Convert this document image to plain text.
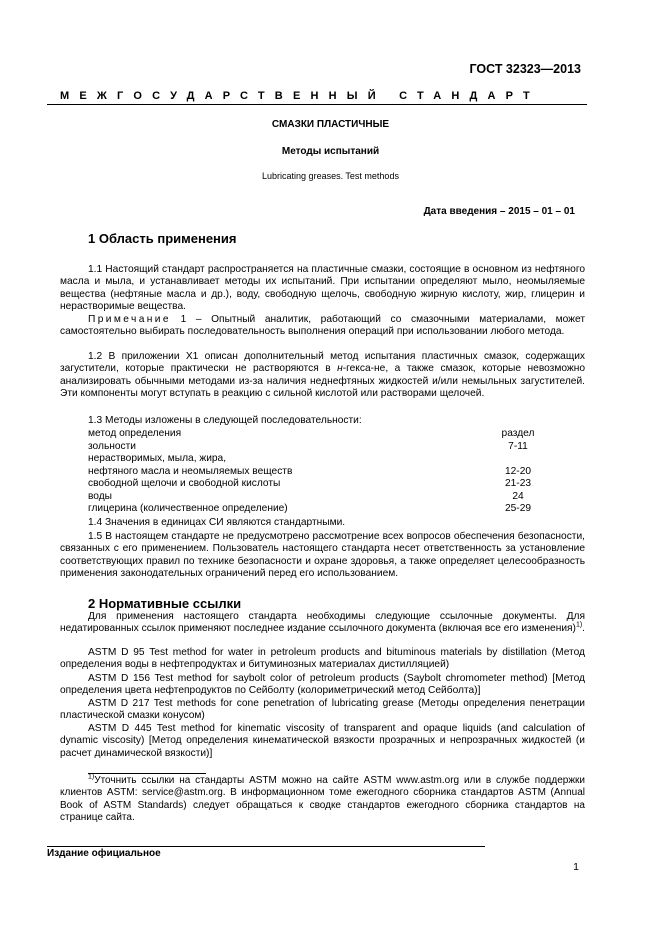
ГОСТ 32323—2013
МЕЖГОСУДАРСТВЕННЫЙ СТАНДАРТ
СМАЗКИ ПЛАСТИЧНЫЕ
Методы испытаний
Lubricating greases. Test methods
Дата введения – 2015 – 01 – 01
1 Область применения
1.1 Настоящий стандарт распространяется на пластичные смазки, состоящие в основном из нефтяного масла и мыла, и устанавливает методы их испытаний. При испытании определяют мыло, неомыляемые вещества (нефтяные масла и др.), воду, свободную щелочь, свободную жирную кислоту, жир, глицерин и нерастворимые вещества.
Примечание 1 – Опытный аналитик, работающий со смазочными материалами, может самостоятельно выбирать последовательность выполнения операций при использовании любого метода.
1.2 В приложении X1 описан дополнительный метод испытания пластичных смазок, содержащих загустители, которые практически не растворяются в н-гекса-не, а также смазок, которые невозможно анализировать обычными методами из-за наличия неднефтяных жидкостей и/или немыльных загустителей. Эти компоненты могут вступать в реакцию с сильной кислотой или растворами щелочей.
1.3 Методы изложены в следующей последовательности:
метод определения	раздел
зольности	7-11
нерастворимых, мыла, жира,
нефтяного масла и неомыляемых веществ	12-20
свободной щелочи и свободной кислоты	21-23
воды	24
глицерина (количественное определение)	25-29
1.4 Значения в единицах СИ являются стандартными.
1.5 В настоящем стандарте не предусмотрено рассмотрение всех вопросов обеспечения безопасности, связанных с его применением. Пользователь настоящего стандарта несет ответственность за установление соответствующих правил по технике безопасности и охране здоровья, а также определяет целесообразность применения законодательных ограничений перед его использованием.
2 Нормативные ссылки
Для применения настоящего стандарта необходимы следующие ссылочные документы. Для недатированных ссылок применяют последнее издание ссылочного документа (включая все его изменения)$^{1)}$.
ASTM D 95 Test method for water in petroleum products and bituminous materials by distillation (Метод определения воды в нефтепродуктах и битуминозных материалах дистилляцией)
ASTM D 156 Test method for saybolt color of petroleum products (Saybolt chromometer method) [Метод определения цвета нефтепродуктов по Сейболту (колориметрический метод Сейболта)]
ASTM D 217 Test methods for cone penetration of lubricating grease (Методы определения пенетрации пластической смазки конусом)
ASTM D 445 Test method for kinematic viscosity of transparent and opaque liquids (and calculation of dynamic viscosity) [Метод определения кинематической вязкости прозрачных и непрозрачных жидкостей (и расчет динамической вязкости)]
$^{1)}$Уточнить ссылки на стандарты ASTM можно на сайте ASTM www.astm.org или в службе поддержки клиентов ASTM: service@astm.org. В информационном томе ежегодного сборника стандартов ASTM (Annual Book of ASTM Standards) следует обращаться к сводке стандартов ежегодного сборника стандартов на странице сайта.
Издание официальное
1
